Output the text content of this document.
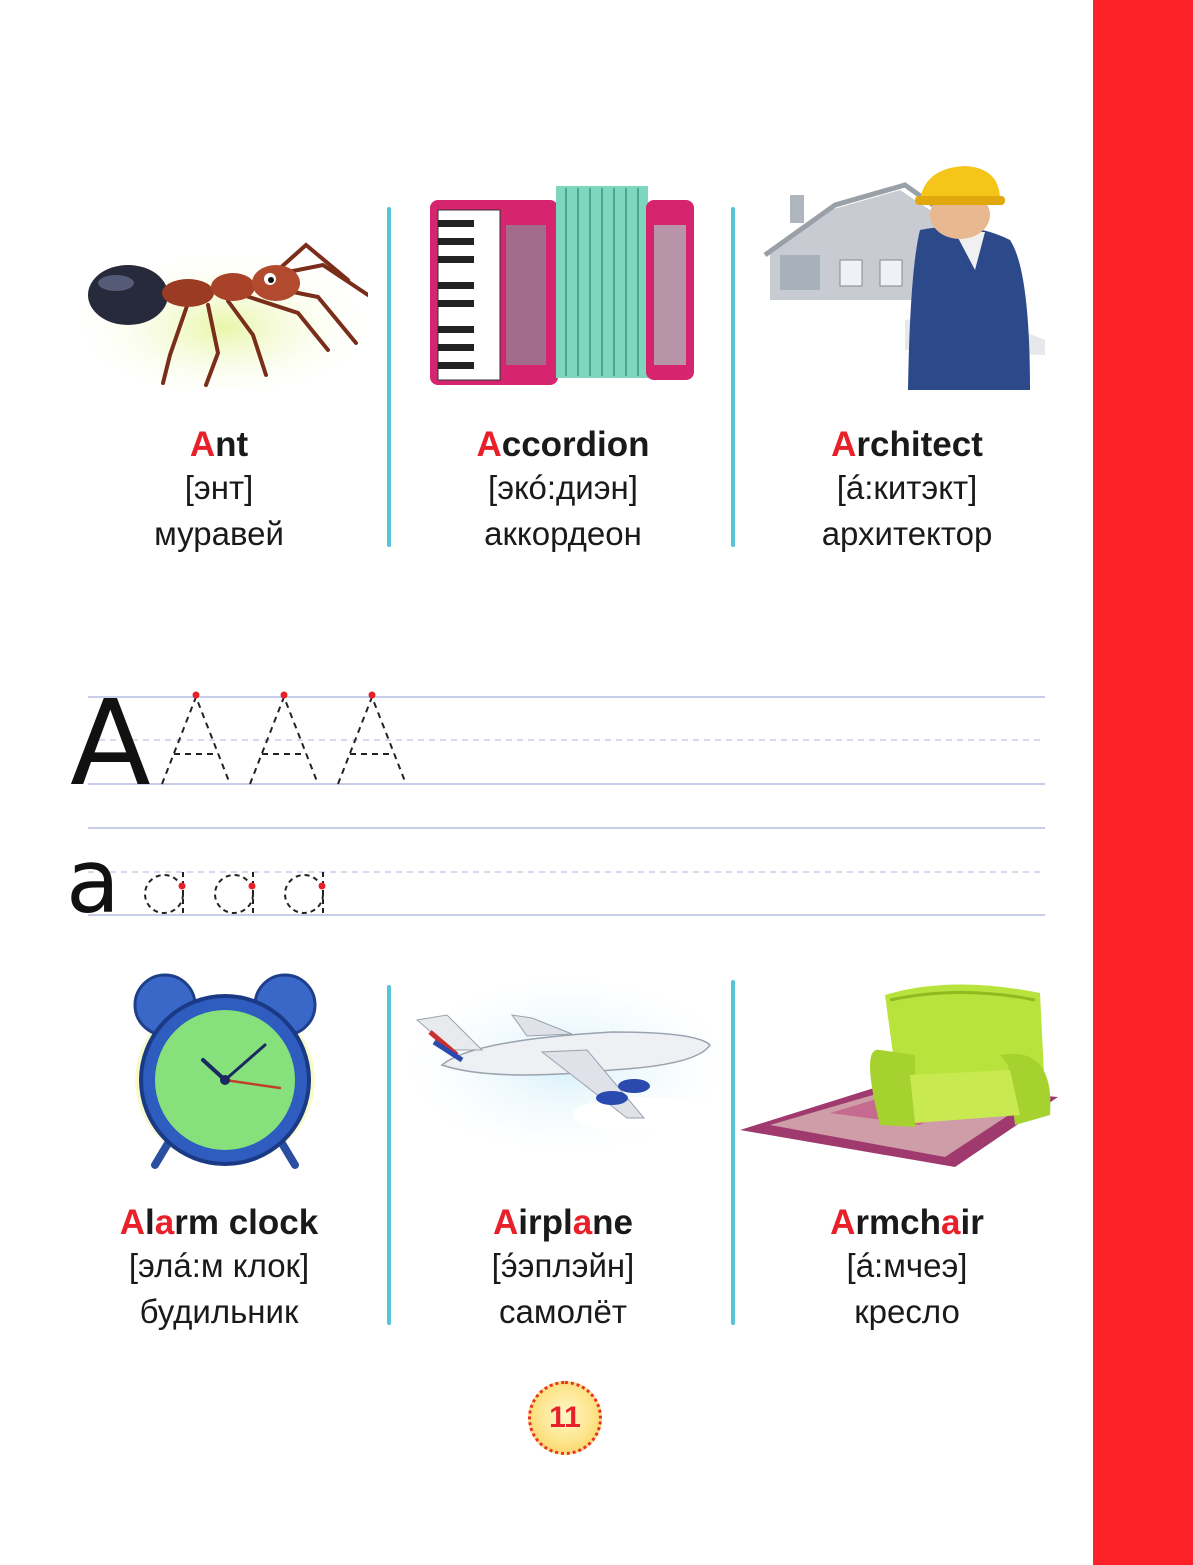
Ant
[энт]
муравей
Accordion
[экó:диэн]
аккордеон
Architect
[á:китэкт]
архитектор
A
a
Alarm clock
[элá:м клок]
будильник
Airplane
[э́эплэйн]
самолёт
Armchair
[á:мчеэ]
кресло
11
